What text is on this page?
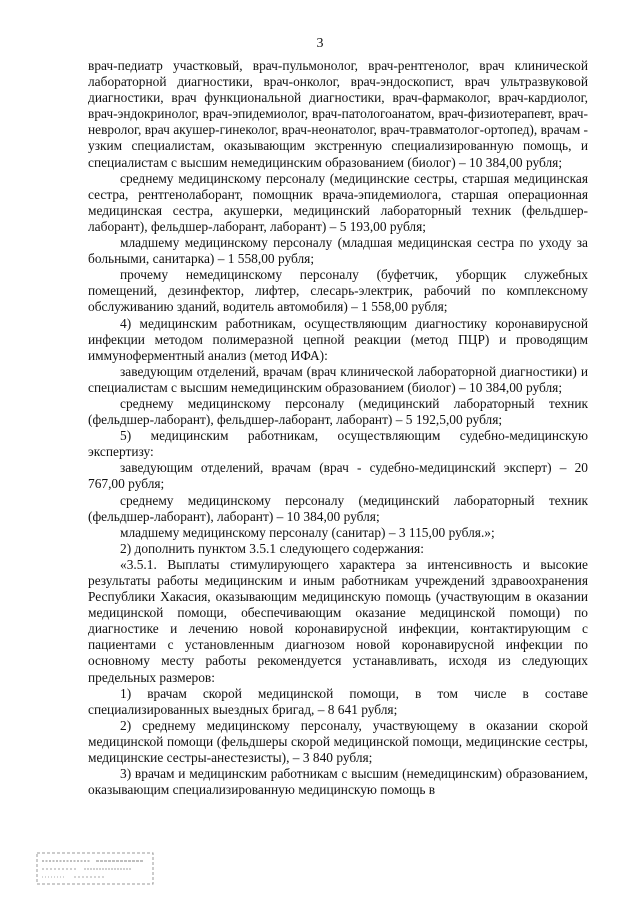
3

врач-педиатр участковый, врач-пульмонолог, врач-рентгенолог, врач клинической лабораторной диагностики, врач-онколог, врач-эндоскопист, врач ультразвуковой диагностики, врач функциональной диагностики, врач-фармаколог, врач-кардиолог, врач-эндокринолог, врач-эпидемиолог, врач-патологоанатом, врач-физиотерапевт, врач-невролог, врач акушер-гинеколог, врач-неонатолог, врач-травматолог-ортопед), врачам - узким специалистам, оказывающим экстренную специализированную помощь, и специалистам с высшим немедицинским образованием (биолог) – 10 384,00 рубля;

среднему медицинскому персоналу (медицинские сестры, старшая медицинская сестра, рентгенолаборант, помощник врача-эпидемиолога, старшая операционная медицинская сестра, акушерки, медицинский лабораторный техник (фельдшер-лаборант), фельдшер-лаборант, лаборант) – 5 193,00 рубля;

младшему медицинскому персоналу (младшая медицинская сестра по уходу за больными, санитарка) – 1 558,00 рубля;

прочему немедицинскому персоналу (буфетчик, уборщик служебных помещений, дезинфектор, лифтер, слесарь-электрик, рабочий по комплексному обслуживанию зданий, водитель автомобиля) – 1 558,00 рубля;

4) медицинским работникам, осуществляющим диагностику коронавирусной инфекции методом полимеразной цепной реакции (метод ПЦР) и проводящим иммуноферментный анализ (метод ИФА):

заведующим отделений, врачам (врач клинической лабораторной диагностики) и специалистам с высшим немедицинским образованием (биолог) – 10 384,00 рубля;

среднему медицинскому персоналу (медицинский лабораторный техник (фельдшер-лаборант), фельдшер-лаборант, лаборант) – 5 192,5,00 рубля;

5) медицинским работникам, осуществляющим судебно-медицинскую экспертизу:

заведующим отделений, врачам (врач - судебно-медицинский эксперт) – 20 767,00 рубля;

среднему медицинскому персоналу (медицинский лабораторный техник (фельдшер-лаборант), лаборант) – 10 384,00 рубля;

младшему медицинскому персоналу (санитар) – 3 115,00 рубля.»;

2) дополнить пунктом 3.5.1 следующего содержания:

«3.5.1. Выплаты стимулирующего характера за интенсивность и высокие результаты работы медицинским и иным работникам учреждений здравоохранения Республики Хакасия, оказывающим медицинскую помощь (участвующим в оказании медицинской помощи, обеспечивающим оказание медицинской помощи) по диагностике и лечению новой коронавирусной инфекции, контактирующим с пациентами с установленным диагнозом новой коронавирусной инфекции по основному месту работы рекомендуется устанавливать, исходя из следующих предельных размеров:

1) врачам скорой медицинской помощи, в том числе в составе специализированных выездных бригад, – 8 641 рубля;

2) среднему медицинскому персоналу, участвующему в оказании скорой медицинской помощи (фельдшеры скорой медицинской помощи, медицинские сестры, медицинские сестры-анестезисты), – 3 840 рубля;

3) врачам и медицинским работникам с высшим (немедицинским) образованием, оказывающим специализированную медицинскую помощь в
